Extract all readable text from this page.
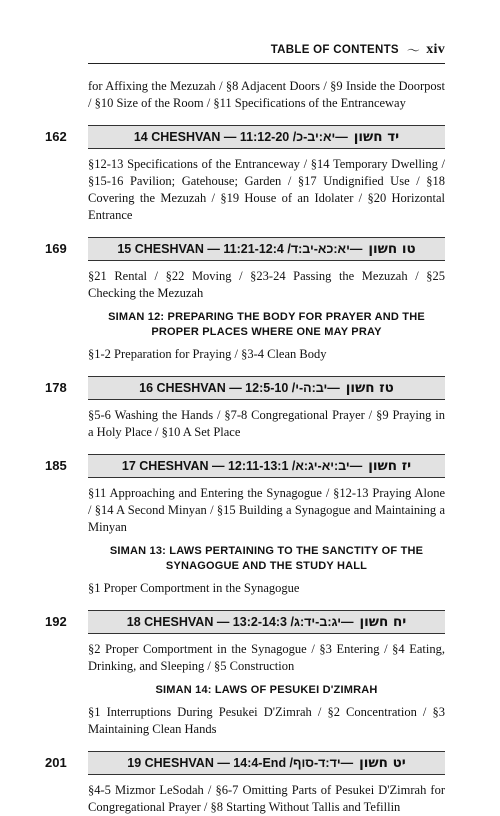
TABLE OF CONTENTS 〜 xiv

for Affixing the Mezuzah / §8 Adjacent Doors / §9 Inside the Doorpost / §10 Size of the Room / §11 Specifications of the Entranceway

162	14 CHESHVAN — 11:12-20 / יא:יב-כ — יד חשון

§12-13 Specifications of the Entranceway / §14 Temporary Dwelling / §15-16 Pavilion; Gatehouse; Garden / §17 Undignified Use / §18 Covering the Mezuzah / §19 House of an Idolater / §20 Horizontal Entrance

169	15 CHESHVAN — 11:21-12:4 / יא:כא-יב:ד — טו חשון

§21 Rental / §22 Moving / §23-24 Passing the Mezuzah / §25 Checking the Mezuzah

SIMAN 12: PREPARING THE BODY FOR PRAYER AND THE PROPER PLACES WHERE ONE MAY PRAY

§1-2 Preparation for Praying / §3-4 Clean Body

178	16 CHESHVAN — 12:5-10 / יב:ה-י — טז חשון

§5-6 Washing the Hands / §7-8 Congregational Prayer / §9 Praying in a Holy Place / §10 A Set Place

185	17 CHESHVAN — 12:11-13:1 / יב:יא-יג:א — יז חשון

§11 Approaching and Entering the Synagogue / §12-13 Praying Alone / §14 A Second Minyan / §15 Building a Synagogue and Maintaining a Minyan

SIMAN 13: LAWS PERTAINING TO THE SANCTITY OF THE SYNAGOGUE AND THE STUDY HALL

§1 Proper Comportment in the Synagogue

192	18 CHESHVAN — 13:2-14:3 / יג:ב-יד:ג — יח חשון

§2 Proper Comportment in the Synagogue / §3 Entering / §4 Eating, Drinking, and Sleeping / §5 Construction

SIMAN 14: LAWS OF PESUKEI D'ZIMRAH

§1 Interruptions During Pesukei D'Zimrah / §2 Concentration / §3 Maintaining Clean Hands

201	19 CHESHVAN — 14:4-End / יד:ד-סוף — יט חשון

§4-5 Mizmor LeSodah / §6-7 Omitting Parts of Pesukei D'Zimrah for Congregational Prayer / §8 Starting Without Tallis and Tefillin
